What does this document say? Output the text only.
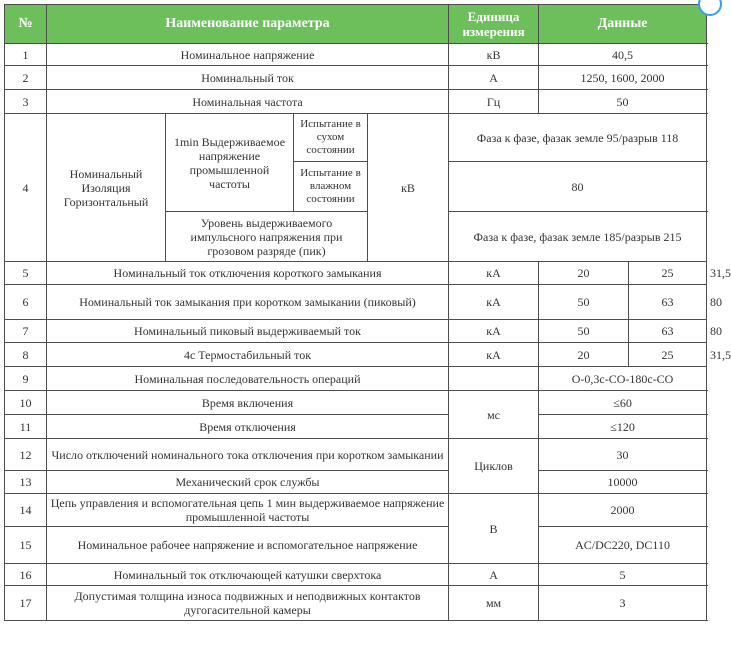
№	Наименование параметра				Единица измерения	Данные		
1	Номинальное напряжение				кВ	40,5		
2	Номинальный ток				А	1250, 1600, 2000		
3	Номинальная частота				Гц	50		
4	Номинальный Изоляция Горизонтальный	1min Выдерживаемое напряжение промышленной частоты	Испытание в сухом состоянии	кВ	Фаза к фазе, фазак земле 95/разрыв 118			
			Испытание в влажном состоянии		80			
		Уровень выдерживаемого импульсного напряжения при грозовом разряде (пик)			Фаза к фазе, фазак земле 185/разрыв 215			
5	Номинальный ток отключения короткого замыкания				кА	20	25	31,5
6	Номинальный ток замыкания при коротком замыкании (пиковый)				кА	50	63	80
7	Номинальный пиковый выдерживаемый ток				кА	50	63	80
8	4с Термостабильный ток				кА	20	25	31,5
9	Номинальная последовательность операций					O-0,3c-CO-180c-CO		
10	Время включения				мс	≤60		
11	Время отключения					≤120		
12	Число отключений номинального тока отключения при коротком замыкании				Циклов	30		
13	Механический срок службы					10000		
14	Цепь управления и вспомогательная цепь 1 мин выдерживаемое напряжение промышленной частоты				В	2000		
15	Номинальное рабочее напряжение и вспомогательное напряжение					AC/DC220, DC110		
16	Номинальный ток отключающей катушки сверхтока				А	5		
17	Допустимая толщина износа подвижных и неподвижных контактов дугогасительной камеры				мм	3		
